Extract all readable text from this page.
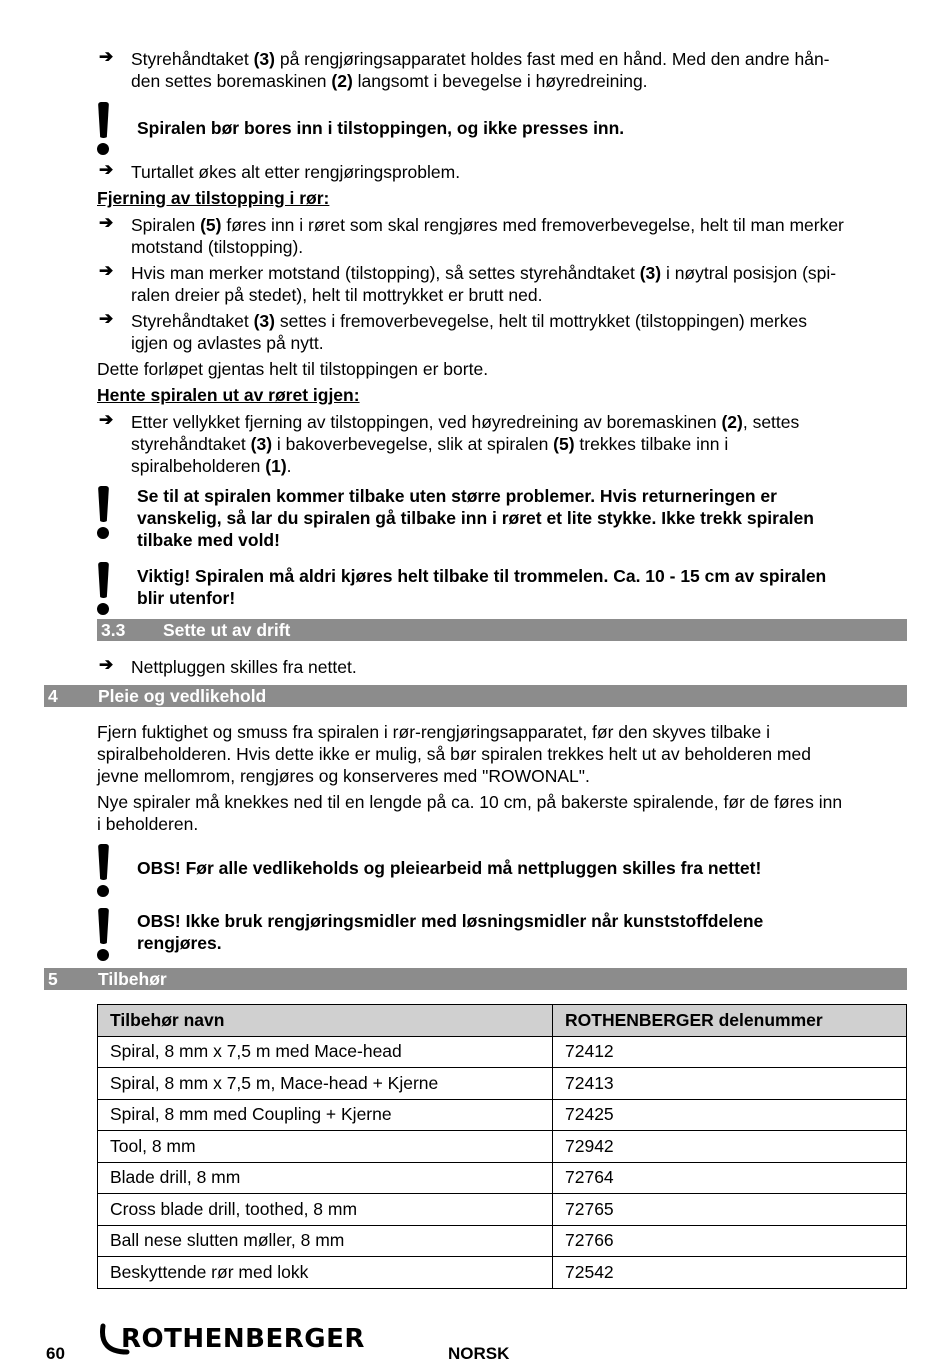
➔ Styrehåndtaket (3) på rengjøringsapparatet holdes fast med en hånd. Med den andre hån-
den settes boremaskinen (2) langsomt i bevegelse i høyredreining.
Spiralen bør bores inn i tilstoppingen, og ikke presses inn.
➔ Turtallet økes alt etter rengjøringsproblem.
Fjerning av tilstopping i rør:
➔ Spiralen (5) føres inn i røret som skal rengjøres med fremoverbevegelse, helt til man merker
motstand (tilstopping).
➔ Hvis man merker motstand (tilstopping), så settes styrehåndtaket (3) i nøytral posisjon (spi-
ralen dreier på stedet), helt til mottrykket er brutt ned.
➔ Styrehåndtaket (3) settes i fremoverbevegelse, helt til mottrykket (tilstoppingen) merkes
igjen og avlastes på nytt.
Dette forløpet gjentas helt til tilstoppingen er borte.
Hente spiralen ut av røret igjen:
➔ Etter vellykket fjerning av tilstoppingen, ved høyredreining av boremaskinen (2), settes
styrehåndtaket (3) i bakoverbevegelse, slik at spiralen (5) trekkes tilbake inn i
spiralbeholderen (1).
Se til at spiralen kommer tilbake uten større problemer. Hvis returneringen er
vanskelig, så lar du spiralen gå tilbake inn i røret et lite stykke. Ikke trekk spiralen
tilbake med vold!
Viktig! Spiralen må aldri kjøres helt tilbake til trommelen. Ca. 10 - 15 cm av spiralen
blir utenfor!
3.3 Sette ut av drift
➔ Nettpluggen skilles fra nettet.
4 Pleie og vedlikehold
Fjern fuktighet og smuss fra spiralen i rør-rengjøringsapparatet, før den skyves tilbake i
spiralbeholderen. Hvis dette ikke er mulig, så bør spiralen trekkes helt ut av beholderen med
jevne mellomrom, rengjøres og konserveres med "ROWONAL".
Nye spiraler må knekkes ned til en lengde på ca. 10 cm, på bakerste spiralende, før de føres inn
i beholderen.
OBS! Før alle vedlikeholds og pleiearbeid må nettpluggen skilles fra nettet!
OBS! Ikke bruk rengjøringsmidler med løsningsmidler når kunststoffdelene
rengjøres.
5 Tilbehør
Tilbehør navn	ROTHENBERGER delenummer
Spiral, 8 mm x 7,5 m med Mace-head	72412
Spiral, 8 mm x 7,5 m, Mace-head + Kjerne	72413
Spiral, 8 mm med Coupling + Kjerne	72425
Tool, 8 mm	72942
Blade drill, 8 mm	72764
Cross blade drill, toothed, 8 mm	72765
Ball nese slutten møller, 8 mm	72766
Beskyttende rør med lokk	72542
60 ROTHENBERGER	NORSK
